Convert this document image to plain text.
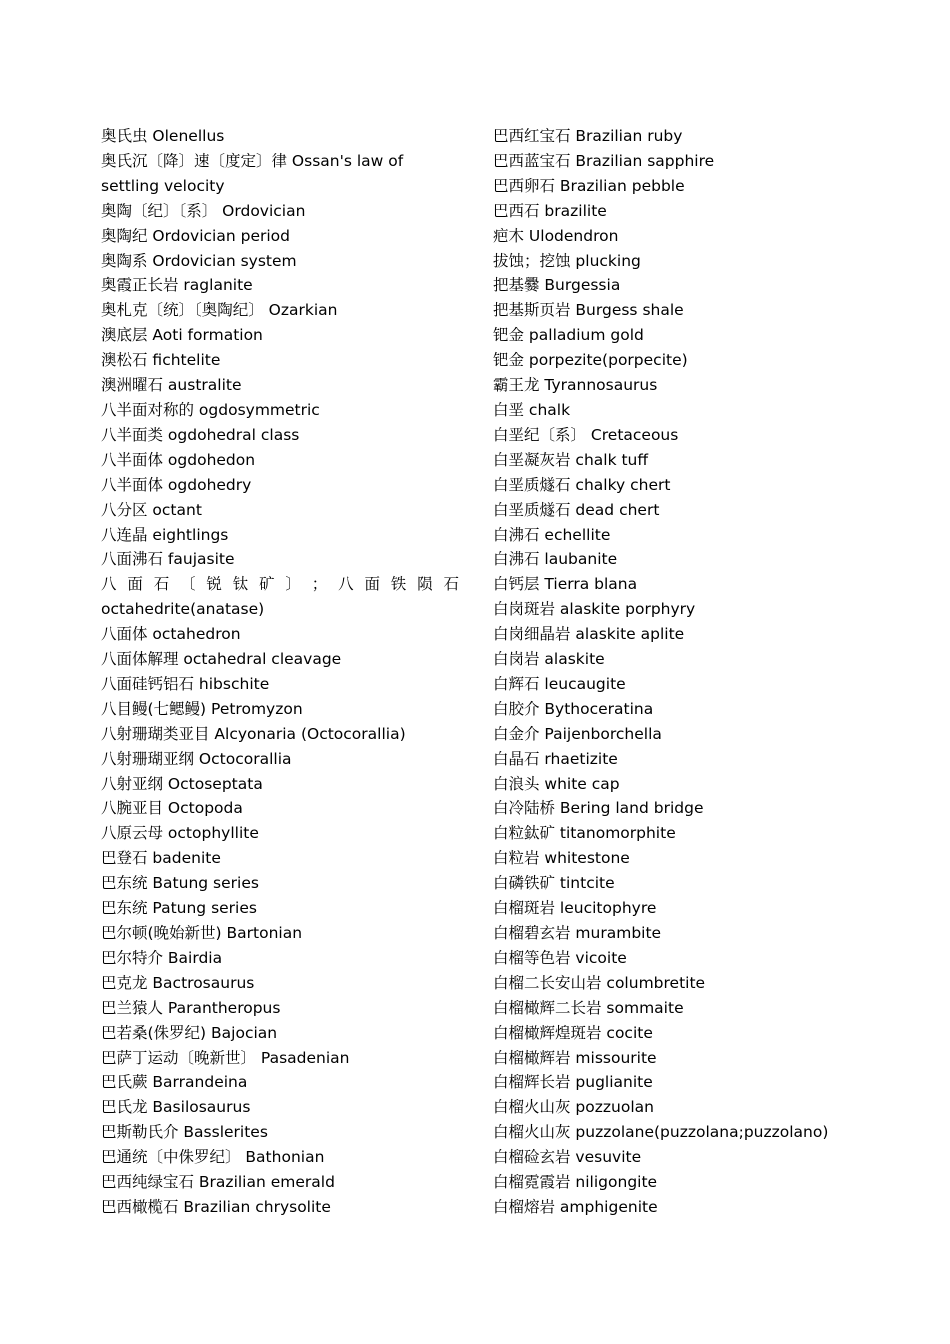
奥氏虫 Olenellus
奥氏沉〔降〕速〔度定〕律 Ossan's law of settling velocity
奥陶〔纪〕〔系〕 Ordovician
奥陶纪 Ordovician period
奥陶系 Ordovician system
奥霞正长岩 raglanite
奥札克〔统〕〔奥陶纪〕 Ozarkian
澳底层 Aoti formation
澳松石 fichtelite
澳洲曜石 australite
八半面对称的 ogdosymmetric
八半面类 ogdohedral class
八半面体 ogdohedon
八半面体 ogdohedry
八分区 octant
八连晶 eightlings
八面沸石 faujasite
八 面 石 〔 锐 钛 矿 〕 ； 八 面 铁 陨 石
octahedrite(anatase)
八面体 octahedron
八面体解理 octahedral cleavage
八面硅钙铝石 hibschite
八目鳗(七鳃鳗) Petromyzon
八射珊瑚类亚目 Alcyonaria (Octocorallia)
八射珊瑚亚纲 Octocorallia
八射亚纲 Octoseptata
八腕亚目 Octopoda
八原云母 octophyllite
巴登石 badenite
巴东统 Batung series
巴东统 Patung series
巴尔顿(晚始新世) Bartonian
巴尔特介 Bairdia
巴克龙 Bactrosaurus
巴兰猿人 Parantheropus
巴若桑(侏罗纪) Bajocian
巴萨丁运动〔晚新世〕 Pasadenian
巴氏蕨 Barrandeina
巴氏龙 Basilosaurus
巴斯勒氏介 Basslerites
巴通统〔中侏罗纪〕 Bathonian
巴西纯绿宝石 Brazilian emerald
巴西橄榄石 Brazilian chrysolite
巴西红宝石 Brazilian ruby
巴西蓝宝石 Brazilian sapphire
巴西卵石 Brazilian pebble
巴西石 brazilite
疤木 Ulodendron
拔蚀；挖蚀 plucking
把基爨 Burgessia
把基斯页岩 Burgess shale
钯金 palladium gold
钯金 porpezite(porpecite)
霸王龙 Tyrannosaurus
白垩 chalk
白垩纪〔系〕 Cretaceous
白垩凝灰岩 chalk tuff
白垩质燧石 chalky chert
白垩质燧石 dead chert
白沸石 echellite
白沸石 laubanite
白钙层 Tierra blana
白岗斑岩 alaskite porphyry
白岗细晶岩 alaskite aplite
白岗岩 alaskite
白辉石 leucaugite
白胶介 Bythoceratina
白金介 Paijenborchella
白晶石 rhaetizite
白浪头 white cap
白冷陆桥 Bering land bridge
白粒鈦矿 titanomorphite
白粒岩 whitestone
白磷铁矿 tintcite
白榴斑岩 leucitophyre
白榴碧玄岩 murambite
白榴等色岩 vicoite
白榴二长安山岩 columbretite
白榴橄辉二长岩 sommaite
白榴橄辉煌斑岩 cocite
白榴橄辉岩 missourite
白榴辉长岩 puglianite
白榴火山灰 pozzuolan
白榴火山灰 puzzolane(puzzolana;puzzolano)
白榴硷玄岩 vesuvite
白榴霓霞岩 niligongite
白榴熔岩 amphigenite
